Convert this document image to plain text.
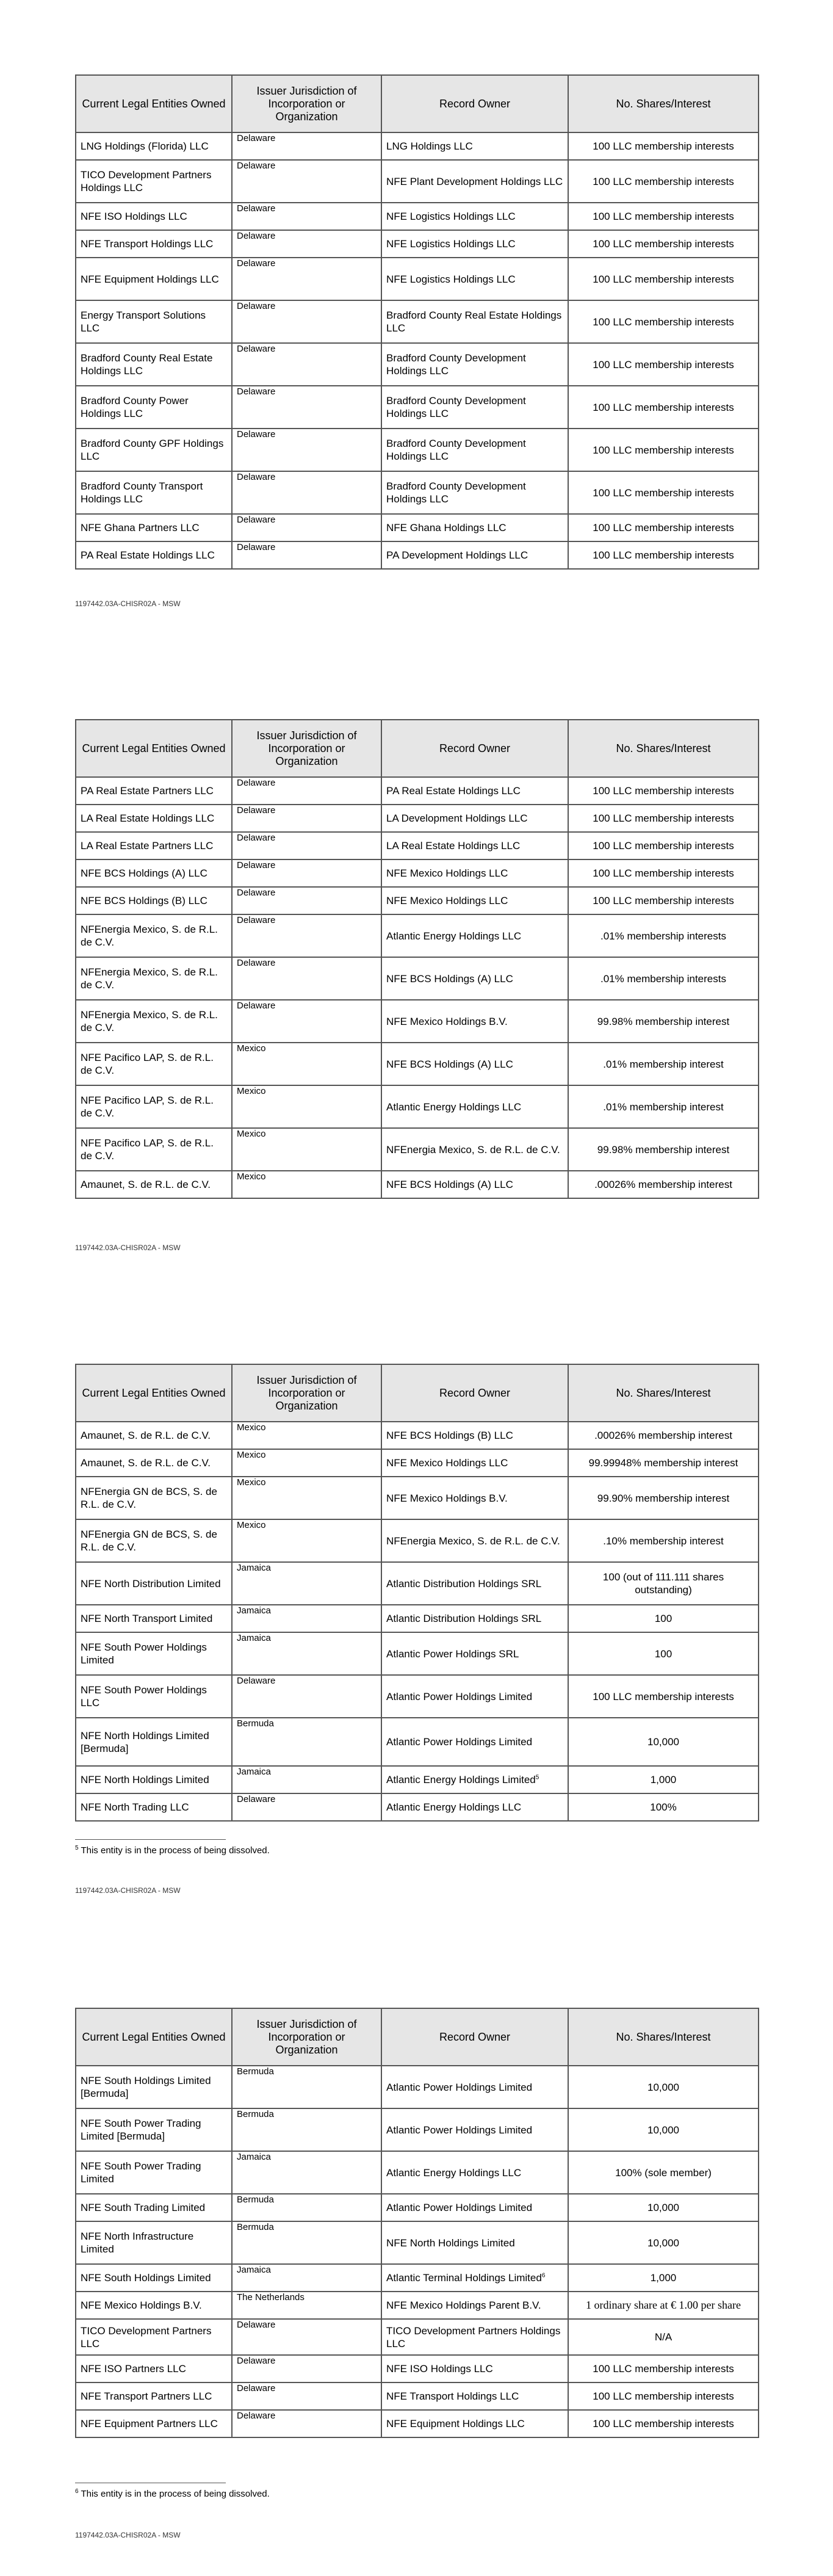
Current Legal Entities Owned	Issuer Jurisdiction of Incorporation or Organization	Record Owner	No. Shares/Interest
LNG Holdings (Florida) LLC	Delaware	LNG Holdings LLC	100 LLC membership interests
TICO Development Partners Holdings LLC	Delaware	NFE Plant Development Holdings LLC	100 LLC membership interests
NFE ISO Holdings LLC	Delaware	NFE Logistics Holdings LLC	100 LLC membership interests
NFE Transport Holdings LLC	Delaware	NFE Logistics Holdings LLC	100 LLC membership interests
NFE Equipment Holdings LLC	Delaware	NFE Logistics Holdings LLC	100 LLC membership interests
Energy Transport Solutions LLC	Delaware	Bradford County Real Estate Holdings LLC	100 LLC membership interests
Bradford County Real Estate Holdings LLC	Delaware	Bradford County Development Holdings LLC	100 LLC membership interests
Bradford County Power Holdings LLC	Delaware	Bradford County Development Holdings LLC	100 LLC membership interests
Bradford County GPF Holdings LLC	Delaware	Bradford County Development Holdings LLC	100 LLC membership interests
Bradford County Transport Holdings LLC	Delaware	Bradford County Development Holdings LLC	100 LLC membership interests
NFE Ghana Partners LLC	Delaware	NFE Ghana Holdings LLC	100 LLC membership interests
PA Real Estate Holdings LLC	Delaware	PA Development Holdings LLC	100 LLC membership interests
1197442.03A-CHISR02A - MSW
Current Legal Entities Owned	Issuer Jurisdiction of Incorporation or Organization	Record Owner	No. Shares/Interest
PA Real Estate Partners LLC	Delaware	PA Real Estate Holdings LLC	100 LLC membership interests
LA Real Estate Holdings LLC	Delaware	LA Development Holdings LLC	100 LLC membership interests
LA Real Estate Partners LLC	Delaware	LA Real Estate Holdings LLC	100 LLC membership interests
NFE BCS Holdings (A) LLC	Delaware	NFE Mexico Holdings LLC	100 LLC membership interests
NFE BCS Holdings (B) LLC	Delaware	NFE Mexico Holdings LLC	100 LLC membership interests
NFEnergia Mexico, S. de R.L. de C.V.	Delaware	Atlantic Energy Holdings LLC	.01% membership interests
NFEnergia Mexico, S. de R.L. de C.V.	Delaware	NFE BCS Holdings (A) LLC	.01% membership interests
NFEnergia Mexico, S. de R.L. de C.V.	Delaware	NFE Mexico Holdings B.V.	99.98% membership interest
NFE Pacifico LAP, S. de R.L. de C.V.	Mexico	NFE BCS Holdings (A) LLC	.01% membership interest
NFE Pacifico LAP, S. de R.L. de C.V.	Mexico	Atlantic Energy Holdings LLC	.01% membership interest
NFE Pacifico LAP, S. de R.L. de C.V.	Mexico	NFEnergia Mexico, S. de R.L. de C.V.	99.98% membership interest
Amaunet, S. de R.L. de C.V.	Mexico	NFE BCS Holdings (A) LLC	.00026% membership interest
1197442.03A-CHISR02A - MSW
Current Legal Entities Owned	Issuer Jurisdiction of Incorporation or Organization	Record Owner	No. Shares/Interest
Amaunet, S. de R.L. de C.V.	Mexico	NFE BCS Holdings (B) LLC	.00026% membership interest
Amaunet, S. de R.L. de C.V.	Mexico	NFE Mexico Holdings LLC	99.99948% membership interest
NFEnergia GN de BCS, S. de R.L. de C.V.	Mexico	NFE Mexico Holdings B.V.	99.90% membership interest
NFEnergia GN de BCS, S. de R.L. de C.V.	Mexico	NFEnergia Mexico, S. de R.L. de C.V.	.10% membership interest
NFE North Distribution Limited	Jamaica	Atlantic Distribution Holdings SRL	100 (out of 111.111 shares outstanding)
NFE North Transport Limited	Jamaica	Atlantic Distribution Holdings SRL	100
NFE South Power Holdings Limited	Jamaica	Atlantic Power Holdings SRL	100
NFE South Power Holdings LLC	Delaware	Atlantic Power Holdings Limited	100 LLC membership interests
NFE North Holdings Limited [Bermuda]	Bermuda	Atlantic Power Holdings Limited	10,000
NFE North Holdings Limited	Jamaica	Atlantic Energy Holdings Limited$^5$	1,000
NFE North Trading LLC	Delaware	Atlantic Energy Holdings LLC	100%
$^5$ This entity is in the process of being dissolved.
1197442.03A-CHISR02A - MSW
Current Legal Entities Owned	Issuer Jurisdiction of Incorporation or Organization	Record Owner	No. Shares/Interest
NFE South Holdings Limited [Bermuda]	Bermuda	Atlantic Power Holdings Limited	10,000
NFE South Power Trading Limited [Bermuda]	Bermuda	Atlantic Power Holdings Limited	10,000
NFE South Power Trading Limited	Jamaica	Atlantic Energy Holdings LLC	100% (sole member)
NFE South Trading Limited	Bermuda	Atlantic Power Holdings Limited	10,000
NFE North Infrastructure Limited	Bermuda	NFE North Holdings Limited	10,000
NFE South Holdings Limited	Jamaica	Atlantic Terminal Holdings Limited$^6$	1,000
NFE Mexico Holdings B.V.	The Netherlands	NFE Mexico Holdings Parent B.V.	1 ordinary share at € 1.00 per share
TICO Development Partners LLC	Delaware	TICO Development Partners Holdings LLC	N/A
NFE ISO Partners LLC	Delaware	NFE ISO Holdings LLC	100 LLC membership interests
NFE Transport Partners LLC	Delaware	NFE Transport Holdings LLC	100 LLC membership interests
NFE Equipment Partners LLC	Delaware	NFE Equipment Holdings LLC	100 LLC membership interests
$^6$ This entity is in the process of being dissolved.
1197442.03A-CHISR02A - MSW
